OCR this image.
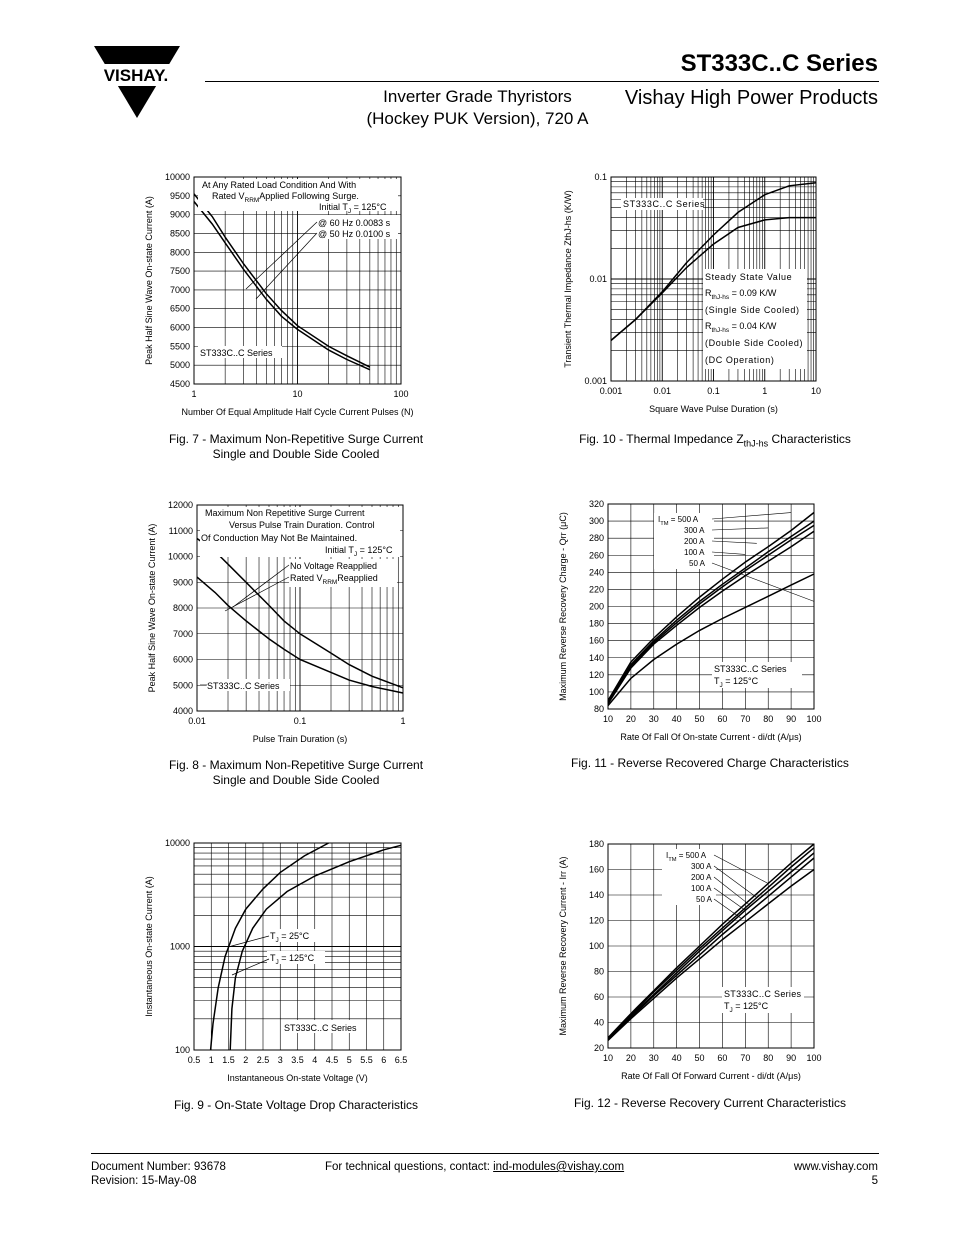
VISHAY.	ST333C..C Series
Inverter Grade Thyristors
(Hockey PUK Version), 720 A
Vishay High Power Products
1	10	100
10000
9500
9000
8500
8000
7500
7000
6500
6000
5500
5000
4500
Number Of Equal Amplitude Half Cycle Current Pulses (N)
Peak Half Sine Wave On-state Current (A)
At Any Rated Load Condition And With
Rated $V_{RRM}Applied$ Following Surge.
Initial $T_J = 125^\circ C$
@ 60 Hz 0.0083 s
@ 50 Hz 0.0100 s
ST333C..C Series
0.001	0.01	0.1	1	10
0.1
0.01
0.001
Square Wave Pulse Duration (s)
Transient Thermal Impedance ZthJ-hs (K/W)	ST333C..C Series
Steady State Value
$R_{thJ-hs} = 0.09$ K/W
(Single Side Cooled)
$R_{thJ-hs} = 0.04$ K/W
(Double Side Cooled)
(DC Operation)
0.01	0.1	1
12000
11000
10000
9000
8000
7000
6000
5000
4000
Pulse Train Duration (s)
Peak Half Sine Wave On-state Current (A)
Maximum Non Repetitive Surge Current
Versus Pulse Train Duration. Control
Of Conduction May Not Be Maintained.
Initial $T_J = 125^\circ C$
No Voltage Reapplied
Rated $V_{RRM}Reapplied$
ST333C..C Series
10 20 30 40 50 60 70 80 90 100
320
300
280
260
240
220
200
180
160
140
120
100
80
Rate Of Fall Of On-state Current - di/dt (A/μs)
Maximum Reverse Recovery Charge - Qrr (μC)	$I_{TM} = 500$ A
300 A
200 A
100 A
50 A
ST333C..C Series
$T_J = 125^\circ C$
0.5 1 1.5 2 2.5 3 3.5 4 4.5 5 5.5 6 6.5
10000
1000
100
Instantaneous On-state Voltage (V)
Instantaneous On-state Current (A)	$T_J = 25^\circ C$
$T_J = 125^\circ C$
ST333C..C Series
10 20 30 40 50 60 70 80 90 100
180
160
140
120
100
80
60
40
20
Rate Of Fall Of Forward Current - di/dt (A/μs)
Maximum Reverse Recovery Current - Irr (A)
$I_{TM} = 500$ A
300 A
200 A
100 A
50 A
ST333C..C Series
$T_J = 125^\circ C$
Fig. 7 - Maximum Non-Repetitive Surge Current
Single and Double Side Cooled
Fig. 10 - Thermal Impedance $Z_{thJ-hs}$ Characteristics
Fig. 8 - Maximum Non-Repetitive Surge Current
Single and Double Side Cooled
Fig. 11 - Reverse Recovered Charge Characteristics
Fig. 9 - On-State Voltage Drop Characteristics	Fig. 12 - Reverse Recovery Current Characteristics
Document Number: 93678
Revision: 15-May-08
For technical questions, contact: ind-modules@vishay.com	www.vishay.com
5
